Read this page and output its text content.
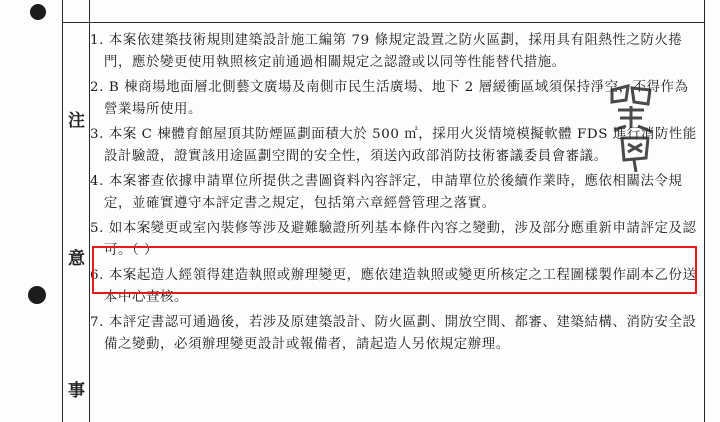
注
意
事

1. 本案依建築技術規則建築設計施工編第 79 條規定設置之防火區劃，採用具有阻熱性之防火捲門，應於變更使用執照核定前通過相關規定之認證或以同等性能替代措施。

2. B 棟商場地面層北側藝文廣場及南側市民生活廣場、地下 2 層緩衝區域須保持淨空，不得作為營業場所使用。

3. 本案 C 棟體育館屋頂其防煙區劃面積大於 500 ㎡，採用火災情境模擬軟體 FDS 進行消防性能設計驗證，證實該用途區劃空間的安全性，須送內政部消防技術審議委員會審議。

4. 本案審查依據申請單位所提供之書圖資料內容評定，申請單位於後續作業時，應依相關法令規定，並確實遵守本評定書之規定，包括第六章經營管理之落實。

5. 如本案變更或室內裝修等涉及避難驗證所列基本條件內容之變動，涉及部分應重新申請評定及認可。（ ）

6. 本案起造人經領得建造執照或辦理變更，應依建造執照或變更所核定之工程圖樣製作副本乙份送本中心查核。

7. 本評定書認可通過後，若涉及原建築設計、防火區劃、開放空間、都審、建築結構、消防安全設備之變動，必須辦理變更設計或報備者，請起造人另依規定辦理。
